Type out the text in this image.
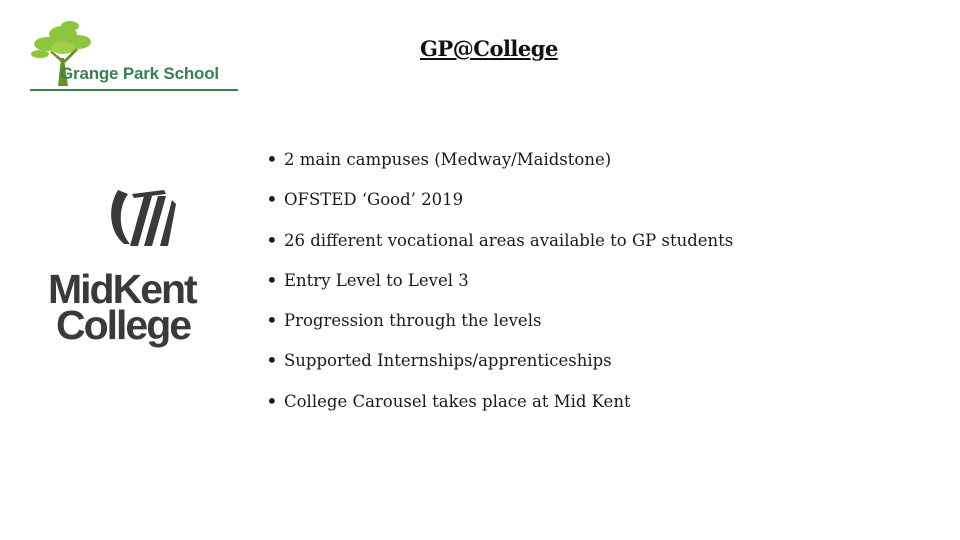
Grange Park School
GP@College
MidKent
College
• 2 main campuses (Medway/Maidstone)
• OFSTED ‘Good’ 2019
• 26 different vocational areas available to GP students
• Entry Level to Level 3
• Progression through the levels
• Supported Internships/apprenticeships
• College Carousel takes place at Mid Kent
